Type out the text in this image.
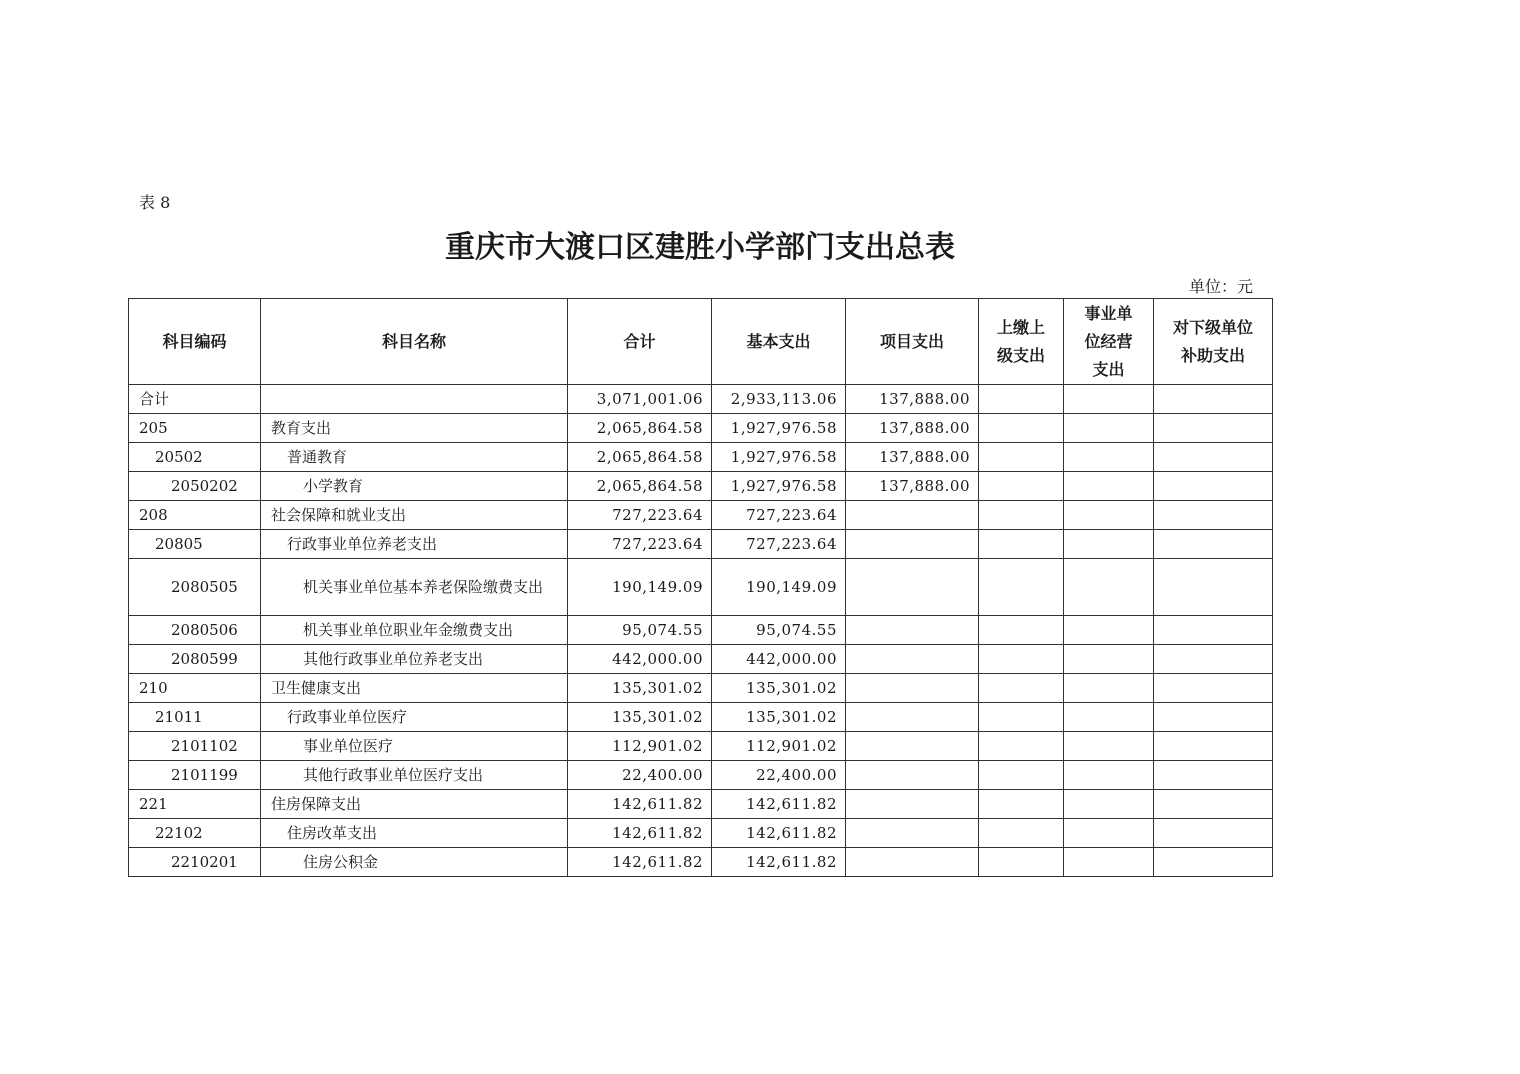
表 8
重庆市大渡口区建胜小学部门支出总表
单位：元
科目编码	科目名称	合计	基本支出	项目支出	上缴上级支出	事业单位经营支出	对下级单位补助支出
合计		3,071,001.06	2,933,113.06	137,888.00			
205	教育支出	2,065,864.58	1,927,976.58	137,888.00			
20502	普通教育	2,065,864.58	1,927,976.58	137,888.00			
2050202	小学教育	2,065,864.58	1,927,976.58	137,888.00			
208	社会保障和就业支出	727,223.64	727,223.64				
20805	行政事业单位养老支出	727,223.64	727,223.64				
2080505	机关事业单位基本养老保险缴费支出	190,149.09	190,149.09				
2080506	机关事业单位职业年金缴费支出	95,074.55	95,074.55				
2080599	其他行政事业单位养老支出	442,000.00	442,000.00				
210	卫生健康支出	135,301.02	135,301.02				
21011	行政事业单位医疗	135,301.02	135,301.02				
2101102	事业单位医疗	112,901.02	112,901.02				
2101199	其他行政事业单位医疗支出	22,400.00	22,400.00				
221	住房保障支出	142,611.82	142,611.82				
22102	住房改革支出	142,611.82	142,611.82				
2210201	住房公积金	142,611.82	142,611.82				
